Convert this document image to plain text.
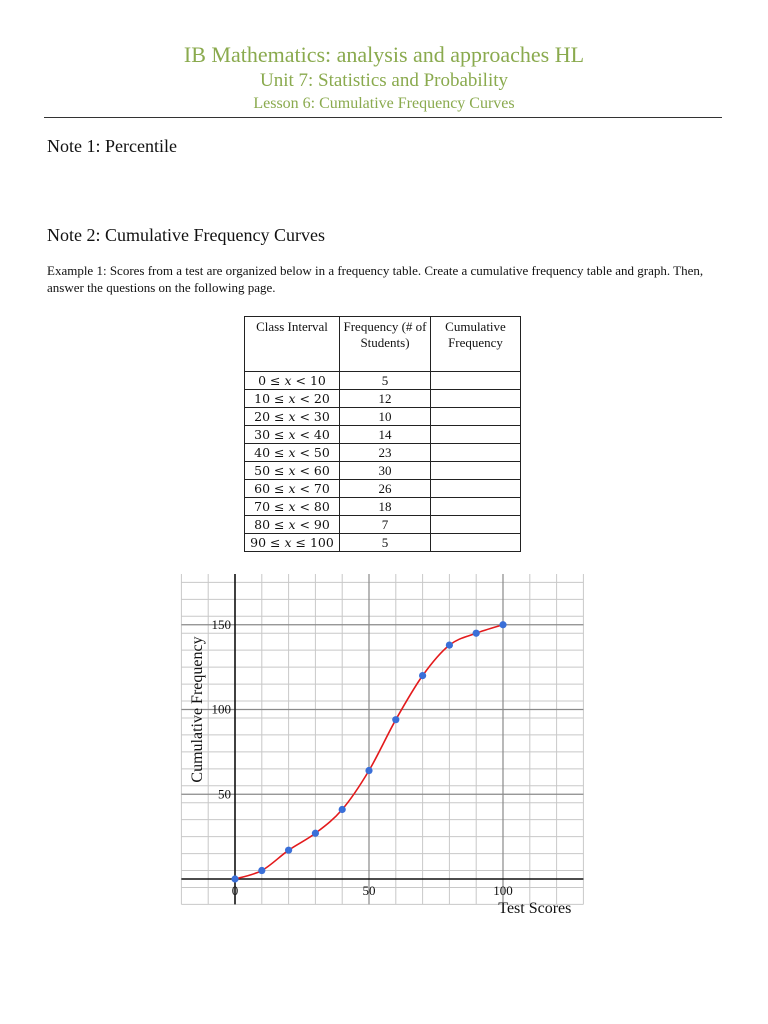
IB Mathematics: analysis and approaches HL
Unit 7: Statistics and Probability
Lesson 6: Cumulative Frequency Curves
Note 1: Percentile
Note 2: Cumulative Frequency Curves
Example 1: Scores from a test are organized below in a frequency table. Create a cumulative frequency table and graph. Then, answer the questions on the following page.
Class Interval	Frequency (# of Students)	Cumulative Frequency
0 ≤ 𝑥 < 10	5	
10 ≤ 𝑥 < 20	12	
20 ≤ 𝑥 < 30	10	
30 ≤ 𝑥 < 40	14	
40 ≤ 𝑥 < 50	23	
50 ≤ 𝑥 < 60	30	
60 ≤ 𝑥 < 70	26	
70 ≤ 𝑥 < 80	18	
80 ≤ 𝑥 < 90	7	
90 ≤ 𝑥 ≤ 100	5	
0	50	100
50
100
150
Test Scores
Cumulative Frequency
